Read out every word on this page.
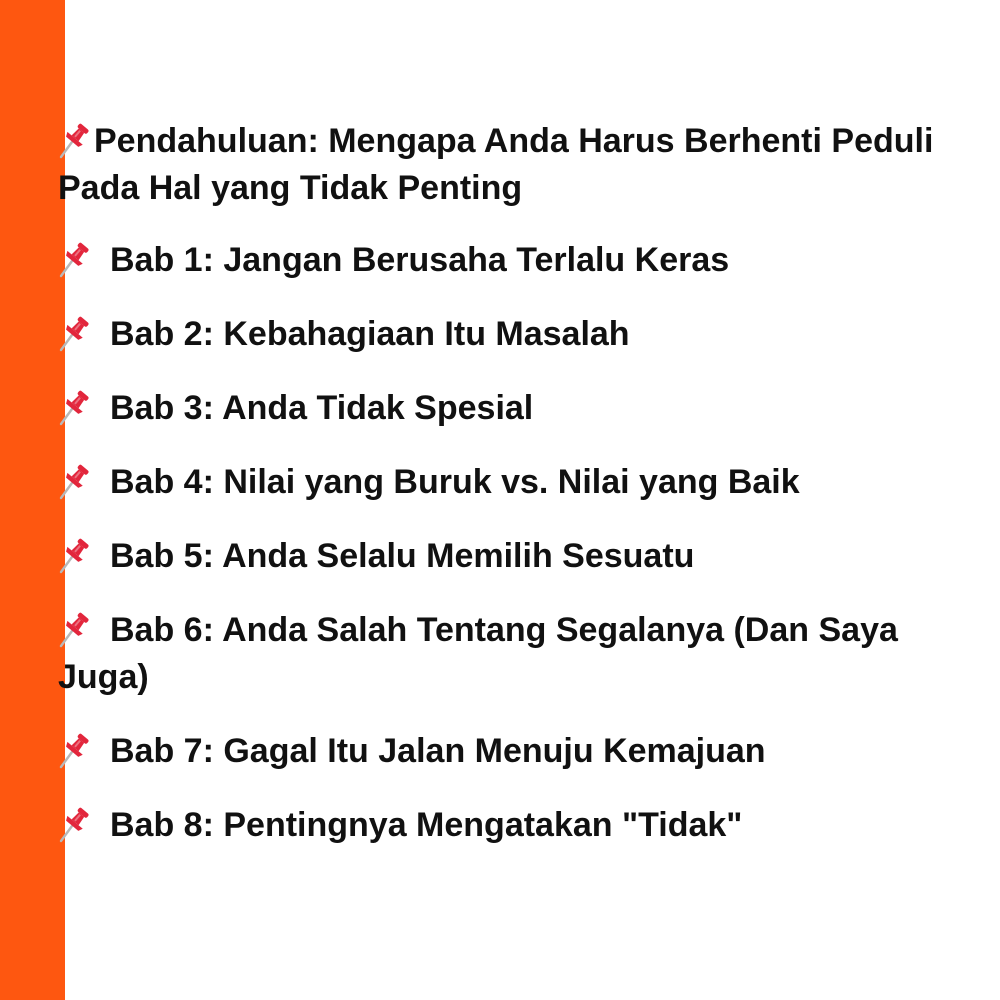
Pendahuluan: Mengapa Anda Harus Berhenti Peduli Pada Hal yang Tidak Penting
Bab 1: Jangan Berusaha Terlalu Keras
Bab 2: Kebahagiaan Itu Masalah
Bab 3: Anda Tidak Spesial
Bab 4: Nilai yang Buruk vs. Nilai yang Baik
Bab 5: Anda Selalu Memilih Sesuatu
Bab 6: Anda Salah Tentang Segalanya (Dan Saya Juga)
Bab 7: Gagal Itu Jalan Menuju Kemajuan
Bab 8: Pentingnya Mengatakan "Tidak"
